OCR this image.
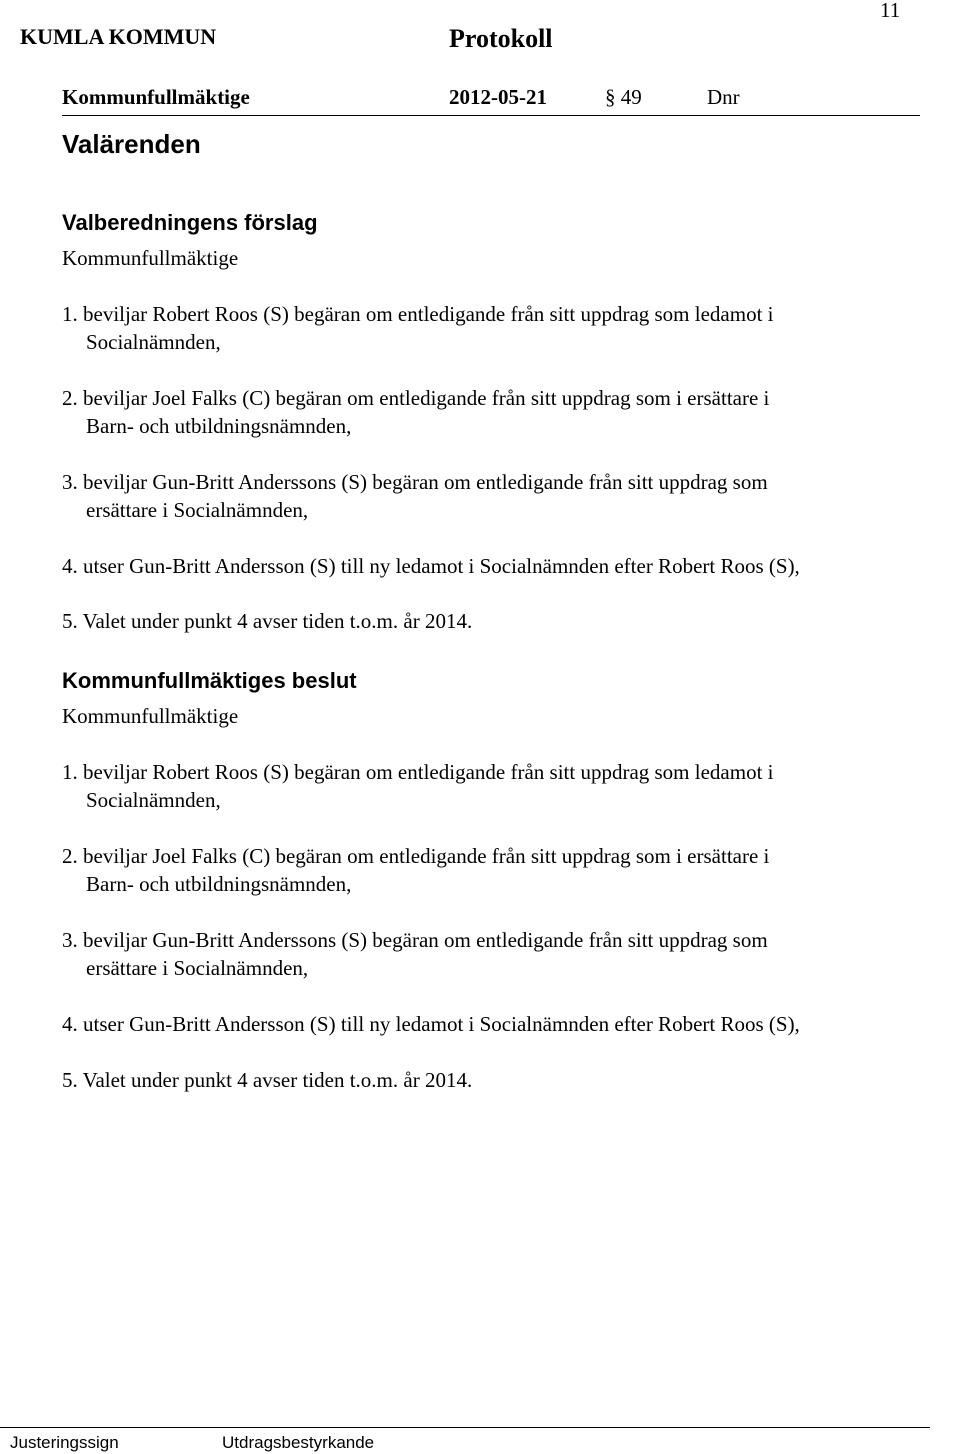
11
KUMLA KOMMUN	Protokoll
Kommunfullmäktige	2012-05-21	§ 49	Dnr
Valärenden
Valberedningens förslag
Kommunfullmäktige
1. beviljar Robert Roos (S) begäran om entledigande från sitt uppdrag som ledamot i
Socialnämnden,
2. beviljar Joel Falks (C) begäran om entledigande från sitt uppdrag som i ersättare i
Barn- och utbildningsnämnden,
3. beviljar Gun-Britt Anderssons (S) begäran om entledigande från sitt uppdrag som
ersättare i Socialnämnden,
4. utser Gun-Britt Andersson (S) till ny ledamot i Socialnämnden efter Robert Roos (S),
5. Valet under punkt 4 avser tiden t.o.m. år 2014.
Kommunfullmäktiges beslut
Kommunfullmäktige
1. beviljar Robert Roos (S) begäran om entledigande från sitt uppdrag som ledamot i
Socialnämnden,
2. beviljar Joel Falks (C) begäran om entledigande från sitt uppdrag som i ersättare i
Barn- och utbildningsnämnden,
3. beviljar Gun-Britt Anderssons (S) begäran om entledigande från sitt uppdrag som
ersättare i Socialnämnden,
4. utser Gun-Britt Andersson (S) till ny ledamot i Socialnämnden efter Robert Roos (S),
5. Valet under punkt 4 avser tiden t.o.m. år 2014.
Justeringssign	Utdragsbestyrkande
